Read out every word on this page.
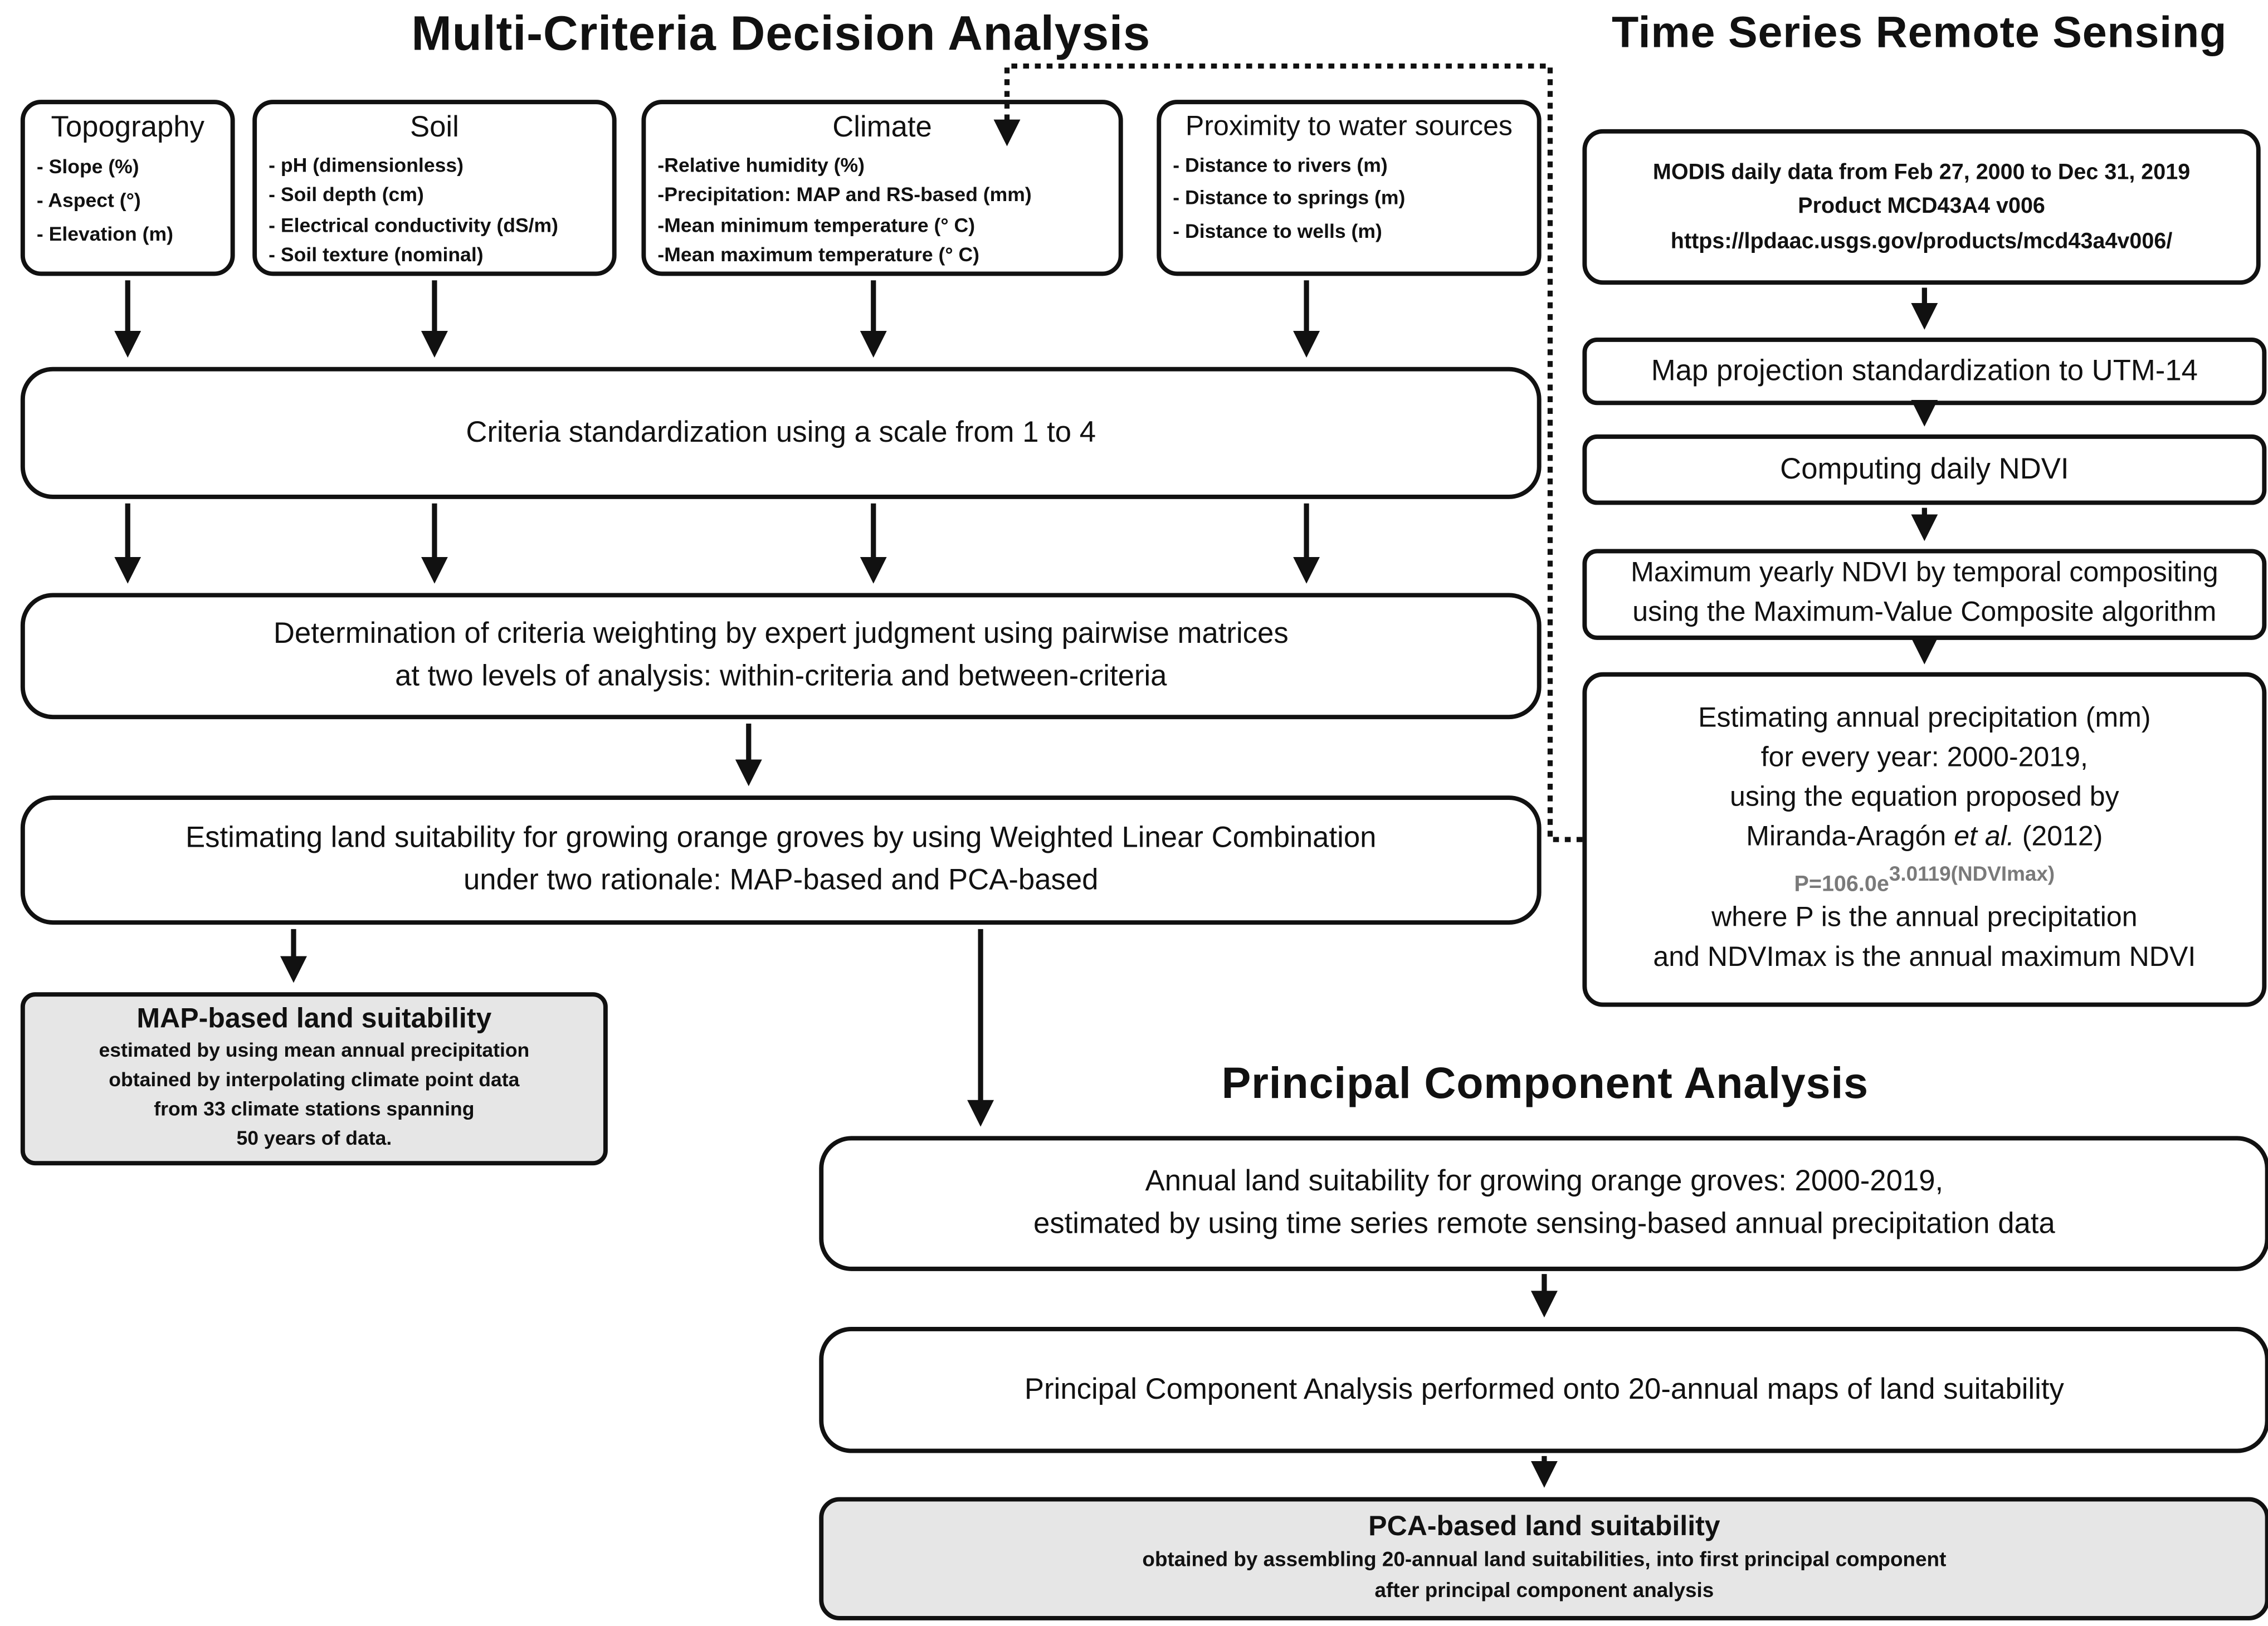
Multi-Criteria Decision Analysis	Time Series Remote Sensing
Principal Component Analysis
Topography
- Slope (%)
- Aspect (°)
- Elevation (m)
Soil
- pH (dimensionless)
- Soil depth (cm)
- Electrical conductivity (dS/m)
- Soil texture (nominal)
Climate
-Relative humidity (%)
-Precipitation: MAP and RS-based (mm)
-Mean minimum temperature (° C)
-Mean maximum temperature (° C)
Proximity to water sources
- Distance to rivers (m)
- Distance to springs (m)
- Distance to wells (m)
Criteria standardization using a scale from 1 to 4
Determination of criteria weighting by expert judgment using pairwise matrices
at two levels of analysis: within-criteria and between-criteria
Estimating land suitability for growing orange groves by using Weighted Linear Combination
under two rationale: MAP-based and PCA-based
MAP-based land suitability
estimated by using mean annual precipitation
obtained by interpolating climate point data
from 33 climate stations spanning
50 years of data.
MODIS daily data from Feb 27, 2000 to Dec 31, 2019
Product MCD43A4 v006
https://lpdaac.usgs.gov/products/mcd43a4v006/
Map projection standardization to UTM-14
Computing daily NDVI
Maximum yearly NDVI by temporal compositing
using the Maximum-Value Composite algorithm
Estimating annual precipitation (mm)
for every year: 2000-2019,
using the equation proposed by
Miranda-Aragón et al. (2012)
P=106.0e3.0119(NDVImax)
where P is the annual precipitation
and NDVImax is the annual maximum NDVI
Annual land suitability for growing orange groves: 2000-2019,
estimated by using time series remote sensing-based annual precipitation data
Principal Component Analysis performed onto 20-annual maps of land suitability
PCA-based land suitability
obtained by assembling 20-annual land suitabilities, into first principal component
after principal component analysis
